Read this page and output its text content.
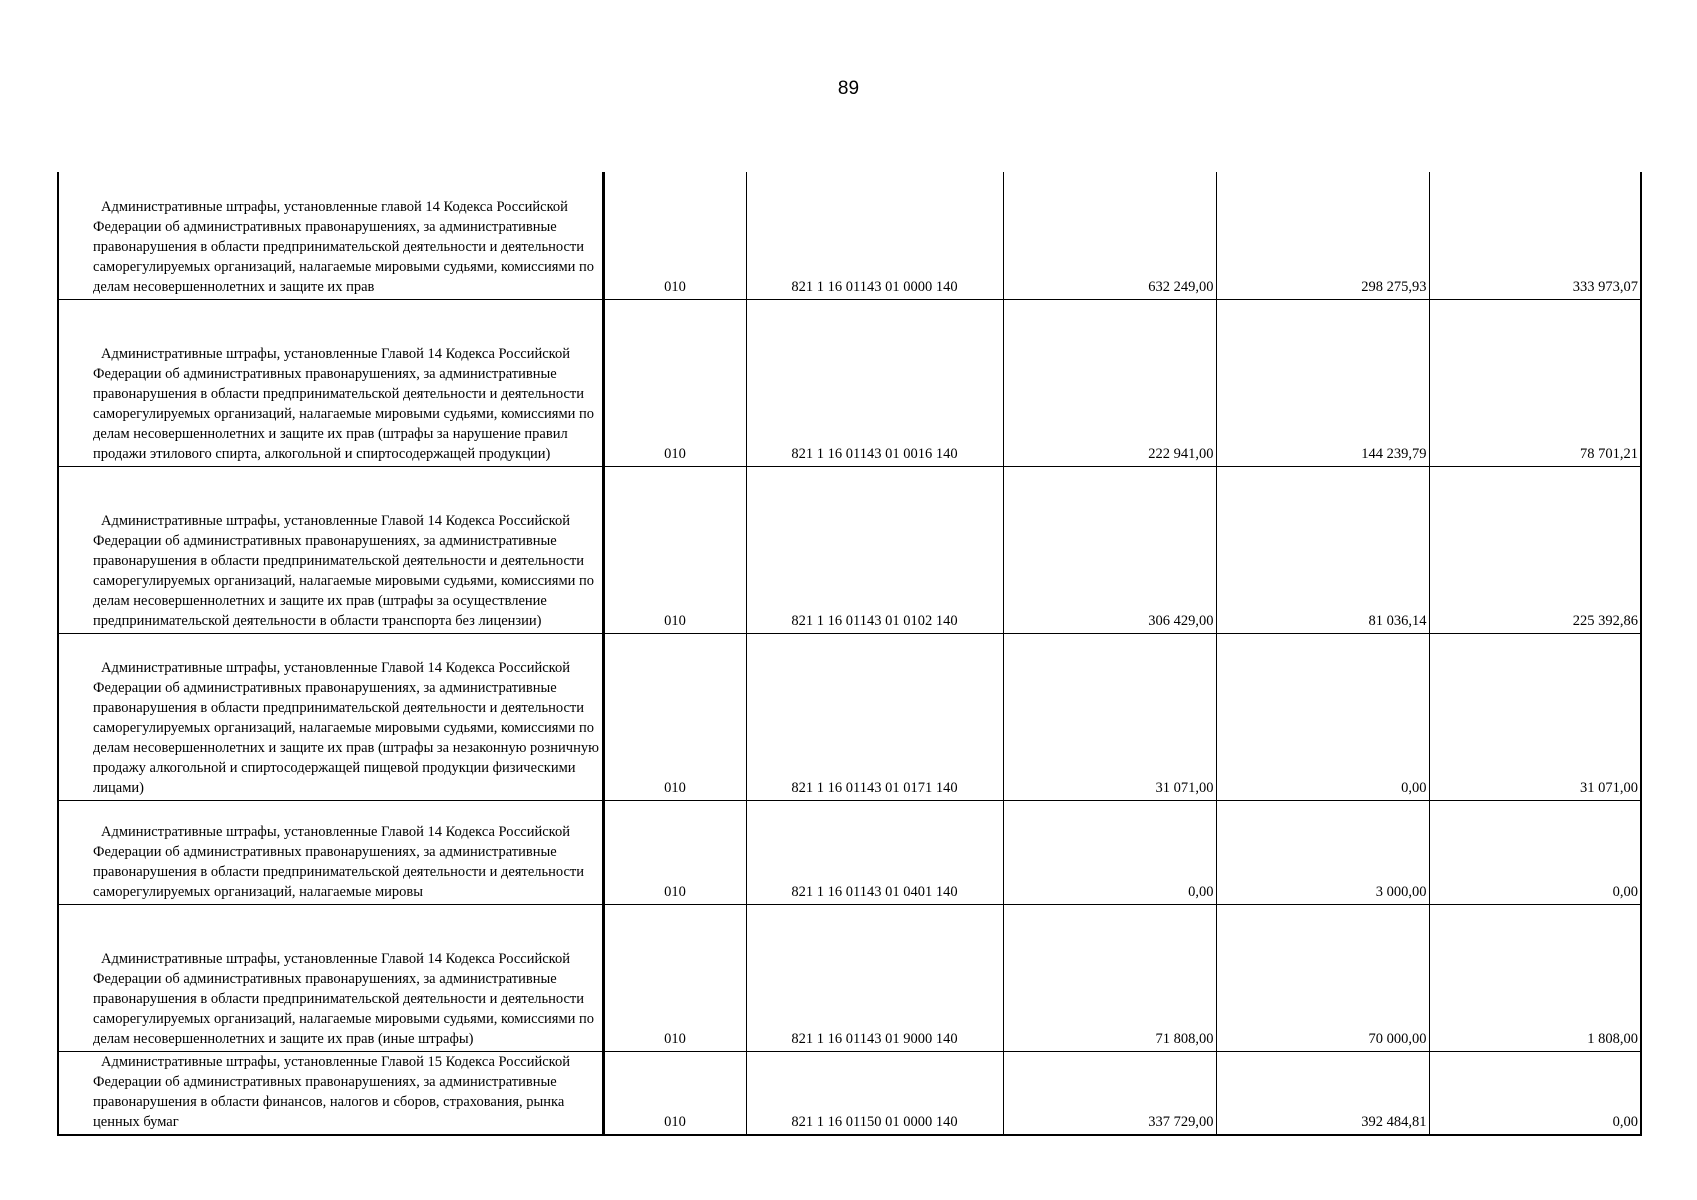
89
Административные штрафы, установленные главой 14 Кодекса Российской Федерации об административных правонарушениях, за административные правонарушения в области предпринимательской деятельности и деятельности саморегулируемых организаций, налагаемые мировыми судьями, комиссиями по делам несовершеннолетних и защите их прав	010	821 1 16 01143 01 0000 140	632 249,00	298 275,93	333 973,07
Административные штрафы, установленные Главой 14 Кодекса Российской Федерации об административных правонарушениях, за административные правонарушения в области предпринимательской деятельности и деятельности саморегулируемых организаций, налагаемые мировыми судьями, комиссиями по делам несовершеннолетних и защите их прав (штрафы за нарушение правил продажи этилового спирта, алкогольной и спиртосодержащей продукции)	010	821 1 16 01143 01 0016 140	222 941,00	144 239,79	78 701,21
Административные штрафы, установленные Главой 14 Кодекса Российской Федерации об административных правонарушениях, за административные правонарушения в области предпринимательской деятельности и деятельности саморегулируемых организаций, налагаемые мировыми судьями, комиссиями по делам несовершеннолетних и защите их прав (штрафы за осуществление предпринимательской деятельности в области транспорта без лицензии)	010	821 1 16 01143 01 0102 140	306 429,00	81 036,14	225 392,86
Административные штрафы, установленные Главой 14 Кодекса Российской Федерации об административных правонарушениях, за административные правонарушения в области предпринимательской деятельности и деятельности саморегулируемых организаций, налагаемые мировыми судьями, комиссиями по делам несовершеннолетних и защите их прав (штрафы за незаконную розничную продажу алкогольной и спиртосодержащей пищевой продукции физическими лицами)	010	821 1 16 01143 01 0171 140	31 071,00	0,00	31 071,00
Административные штрафы, установленные Главой 14 Кодекса Российской Федерации об административных правонарушениях, за административные правонарушения в области предпринимательской деятельности и деятельности саморегулируемых организаций, налагаемые мировы	010	821 1 16 01143 01 0401 140	0,00	3 000,00	0,00
Административные штрафы, установленные Главой 14 Кодекса Российской Федерации об административных правонарушениях, за административные правонарушения в области предпринимательской деятельности и деятельности саморегулируемых организаций, налагаемые мировыми судьями, комиссиями по делам несовершеннолетних и защите их прав (иные штрафы)	010	821 1 16 01143 01 9000 140	71 808,00	70 000,00	1 808,00
Административные штрафы, установленные Главой 15 Кодекса Российской Федерации об административных правонарушениях, за административные правонарушения в области финансов, налогов и сборов, страхования, рынка ценных бумаг	010	821 1 16 01150 01 0000 140	337 729,00	392 484,81	0,00
